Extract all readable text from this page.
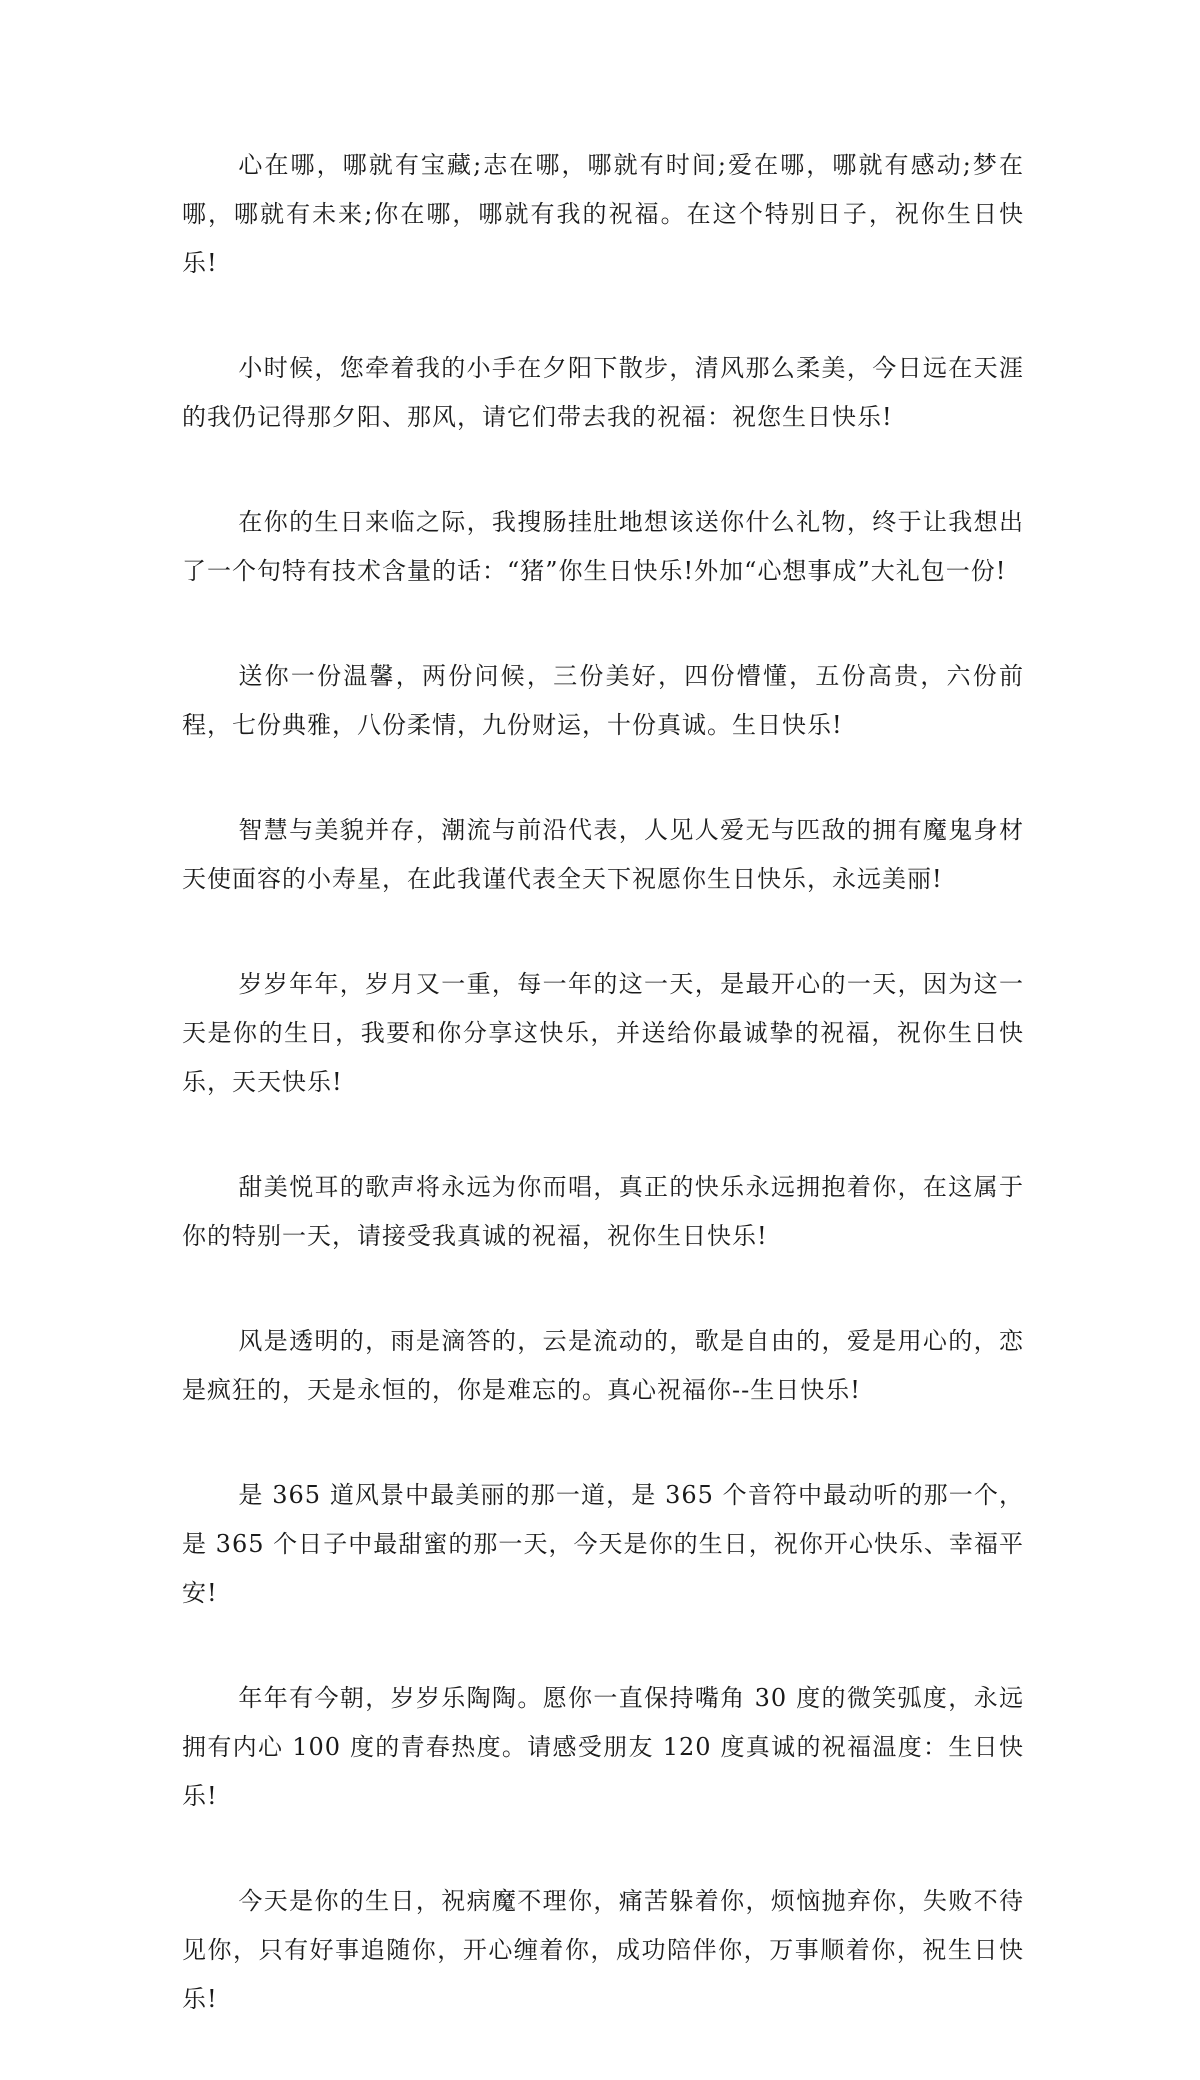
心在哪，哪就有宝藏;志在哪，哪就有时间;爱在哪，哪就有感动;梦在哪，哪就有未来;你在哪，哪就有我的祝福。在这个特别日子，祝你生日快乐!

小时候，您牵着我的小手在夕阳下散步，清风那么柔美，今日远在天涯的我仍记得那夕阳、那风，请它们带去我的祝福：祝您生日快乐!

在你的生日来临之际，我搜肠挂肚地想该送你什么礼物，终于让我想出了一个句特有技术含量的话：“猪”你生日快乐!外加“心想事成”大礼包一份!

送你一份温馨，两份问候，三份美好，四份懵懂，五份高贵，六份前程，七份典雅，八份柔情，九份财运，十份真诚。生日快乐!

智慧与美貌并存，潮流与前沿代表，人见人爱无与匹敌的拥有魔鬼身材天使面容的小寿星，在此我谨代表全天下祝愿你生日快乐，永远美丽!

岁岁年年，岁月又一重，每一年的这一天，是最开心的一天，因为这一天是你的生日，我要和你分享这快乐，并送给你最诚挚的祝福，祝你生日快乐，天天快乐!

甜美悦耳的歌声将永远为你而唱，真正的快乐永远拥抱着你，在这属于你的特别一天，请接受我真诚的祝福，祝你生日快乐!

风是透明的，雨是滴答的，云是流动的，歌是自由的，爱是用心的，恋是疯狂的，天是永恒的，你是难忘的。真心祝福你--生日快乐!

是 365 道风景中最美丽的那一道，是 365 个音符中最动听的那一个，是 365 个日子中最甜蜜的那一天，今天是你的生日，祝你开心快乐、幸福平安!

年年有今朝，岁岁乐陶陶。愿你一直保持嘴角 30 度的微笑弧度，永远拥有内心 100 度的青春热度。请感受朋友 120 度真诚的祝福温度：生日快乐!

今天是你的生日，祝病魔不理你，痛苦躲着你，烦恼抛弃你，失败不待见你，只有好事追随你，开心缠着你，成功陪伴你，万事顺着你，祝生日快乐!
